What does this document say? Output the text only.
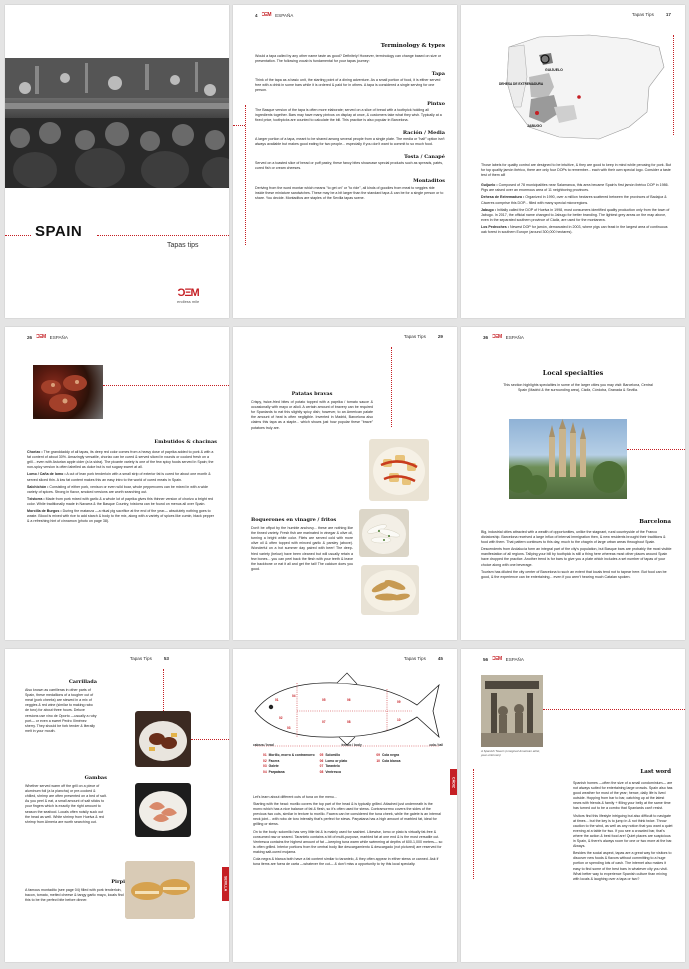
SPAIN
Tapas tips
ƆΞM
endless mile
4 ƆΞM ESPAÑA
Terminology & types

Would a tapa called by any other name taste as good? Definitely! However, terminology can change based on size or presentation. The following vocab is fundamental for your tapas journey:

Tapa

Think of the tapa as a basic unit, the starting point of a dining adventure. As a small portion of food, it is either served free with a drink in some bars while it is ordered & paid for in others. A tapa is considered a single serving for one person.

Pintxo

The Basque version of the tapa is often more elaborate; served on a slice of bread with a toothpick holding all ingredients together. Bars may have many pintxos on display at once, & customers take what they wish. Typically at a fixed price, toothpicks are counted to calculate the bill. This practice is also popular in Barcelona.

Ración / Media

A larger portion of a tapa, meant to be shared among several people from a single plate. The media or "half" option isn't always available but makes good eating for two people... especially if you don't want to commit to so much food.

Tosta / Canapé

Served on a toasted slice of bread or puff pastry, these fancy bites showcase special products such as spreads, patés, cured fish or cream cheeses.

Montaditos

Deriving from the word montar which means "to get on" or "to ride", all kinds of goodies from meat to veggies ride inside these miniature sandwiches. These may be a bit larger than the standard tapa & can be for a single person or to share. You decide. Montaditos are staples of the Sevilla tapas scene.

Tapas Tips	17
GUIJUELO
DEHESA DE EXTREMADURA
JABUGO

Those labels for quality control are designed to be intuitive, & they are good to keep in mind while perusing for pork. But for top quality jamón ibérico, there are only four DOPs to remember... each with their own special logo. Consider a taste test of them all!

Guijuelo • Composed of 78 municipalities near Salamanca, this area became Spain's first jamón ibérico DOP in 1986. Pigs are raised over an enormous area of 11 neighboring provinces.

Dehesa de Extremadura • Organized in 1990, over a million hectares scattered between the provinces of Badajoz & Cáceres comprise this DOP... filled with many special microregions.

Jabugo • Initially called the DOP of Huelva in 1998, most consumers identified quality production only from the town of Jabugo. In 2017, the official name changed to Jabugo for better branding. The lightest grey areas on the map above, even in the separated southern province of Cádiz, are used for the montanera.

Los Pedroches • Newest DOP for jamón, demarcated in 2003, where pigs can feast in the largest area of continuous oak forest in southern Europe (around 300,000 hectares).

26 ƆΞM ESPAÑA
Embutidos & chacinas

Chorizo • The granddaddy of all tapas, its deep red color comes from a heavy dose of paprika added to pork & with a fat content of about 30%. Amazingly versatile, chorizo can be cured & served sliced in rounds or cooked fresh on a grill... even with Asturian apple cider (a la sidra). The picante variety is one of the few spicy foods served in Spain; the non-spicy version is often labelled as dulce but is not sugary sweet at all.

Lomo / Caña de lomo • A cut of lean pork tenderloin with a small strip of exterior fat is cured for about one month & served sliced thin. A low fat content makes this an easy intro to the world of cured meats in Spain.

Salchichón • Consisting of either pork, venison or even wild boar, whole peppercorns can be mixed in with a wide variety of spices. Strong in flavor, smoked versions are worth searching out.

Txistorra • Made from pork mixed with garlic & a whole lot of paprika gives this thinner version of chorizo a bright red color. While traditionally made in Navarra & the Basque Country, txistorra can be found on menus all over Spain.

Morcilla de Burgos • During the matanza —a ritual pig sacrifice at the end of the year— absolutely nothing goes to waste. Blood is mixed with rice to add starch & body to the mix, along with a variety of spices like cumin, black pepper & a refreshing hint of cinnamon (photo on page 38).

Tapas Tips	29
Patatas bravas

Crispy, twice-fried bites of potato topped with a paprika / tomato sauce & occasionally with mayo or alioli. A certain amount of bravery can be required for Spaniards to eat this slightly spicy dish; however, to an American palate the amount of heat is often negligible. Invented in Madrid, Barcelona also claims this tapa as a staple... which shows just how popular these "brave" potatoes truly are.

Boquerones en vinagre / fritos

Don't be offput by the humble anchovy... these are nothing like the tinned variety. Fresh fish are marinated in vinegar & olive oil, turning a bright white color. Filets are served cold with more olive oil & often topped with minced garlic & parsley (above). Wonderful on a hot summer day paired with beer! The deep-fried variety (below) have been cleaned but will usually retain a few bones... you can peel back the flesh with your teeth & leave the backbone or eat it all and get the tail! The calcium does you good.

36 ƆΞM ESPAÑA
Local specialties
This section highlights specialties in some of the larger cities you may visit: Barcelona, Central Spain (Madrid & the surrounding area), Cádiz, Córdoba, Granada & Sevilla.
Barcelona

Big, industrial cities attracted with a wealth of opportunities, unlike the stagnant, rural countryside of the Franco dictatorship. Barcelona received a large influx of internal immigration then, & new residents brought their traditions & food with them. That pattern continues to this day, much to the chagrin of large urban areas throughout Spain.

Descendents from Andalucía form an integral part of the city's population, but Basque bars are probably the most visible manifestation of all regions. Tallying your bill by toothpick is still a thing here whereas most other places around Spain have dropped the practice. Another trend is for bars to give you a plate which includes a set number of tapas of your choice along with one beverage.

Tourism has diluted the city center of Barcelona to such an extent that locals tend not to tapear here. But food can be good, & the experience can be entertaining... even if you aren't hearing much Catalan spoken.

Tapas Tips	53
Carrillada

Also known as carrilleras in other parts of Spain, these medallions of a tougher cut of meat (pork cheeks) are stewed in a mix of veggies & red wine (similar to making rabo de toro) for about three hours. Deluxe versions use vino de Oporto —usually a ruby port— or even a sweet Pedro Ximénez sherry. They should be fork tender & literally melt in your mouth.

Gambas

Whether served warm off the grill on a piece of aluminum foil (a la plancha) or pre-cooked & chilled, shrimp are often presented on a bed of salt. As you peel & eat, a small amount of salt sticks to your fingers which is exactly the right amount to season the seafood. Locals often noisily suck out the head as well. White shrimp from Huelva & red shrimp from Almería are worth searching out.

SEVILLA
Pirpi

A famous montadito (see page 04) filled with pork tenderloin, bacon, tomato, melted cheese & tangy garlic mayo, locals find this to be the perfect bite before dinner.

Tapas Tips	45
01
02
03
04
05	06
07	08
09
10
cabeza / head	tronco / body	cola / tail
01 Morillo, morro & contramorro
02 Facera
03 Galete
04 Parpatana
05 Solomillo
06 Lomo or plato
07 Tarantelo
08 Ventresca
09 Cola negra
10 Cola blanca
CÁDIZ

Let's learn about different cuts of tuna on the menu...

Starting with the head: morillo covers the top part of the head & is typically grilled. Attached just underneath is the morro which has a nice balance of fat & flesh, so it's often used for stews. Contramorrmo covers the sides of the previous two cuts, similar in texture to morillo. Facera can be considered the tuna cheek, while the galete is an internal neck joint... with robo de toro intensity that's perfect for stews. Parpatana has a high amount of marbled fat, ideal for grilling or stews.

On to the body: solomillo has very little fat & is mainly used for sashimi. Likewise, lomo or plato is virtually fat-free & consumed raw or seared. Tarantelo contains a bit of multi-purpose, marbled fat at one end & is the most versatile cut. Ventresca contains the highest amount of fat —keeping tuna warm while swimming at depths of 600-1,000 meters— so is often grilled. Interior portions from the central body like descargamiento & descargado (not pictured) are reserved for making salt-cured mojama.

Cola negra & blanca both have a fat content similar to tarantelo, & they often appear in either stews or canned. Ask if tuna items are fuera de carta —whatever the cut— & don't miss a opportunity to try this local specialty.

56 ƆΞM ESPAÑA
A Spanish Tavern (unsigned American artist, year unknown)
Last word

Spanish homes —often the size of a small condominium— are not always suited for entertaining large crowds. Spain also has good weather for most of the year; hence, daily life is lived outside. Hopping from bar to bar, catching up at the latest news with friends & family + filling your belly at the same time has turned out to be a combo that Spaniards can't resist.

Visitors find this lifestyle intriguing but also difficult to navigate at times... but the key is to jump in & not think twice. Throw caution to the wind, as well as any notion that you want a quiet evening at a table for two. If you see a crowded bar, that's where the action & best food are! Quiet places are suspicious in Spain, & there's always room for one or two more at the bar. Always.

Besides the social aspect, tapas are a great way for visitors to discover new foods & flavors without committing to a huge portion or spending lots of cash. The internet also makes it easy to find some of the best bars in whatever city you visit. What better way to experience Spanish culture than mixing with locals & laughing over a tapa or two?
